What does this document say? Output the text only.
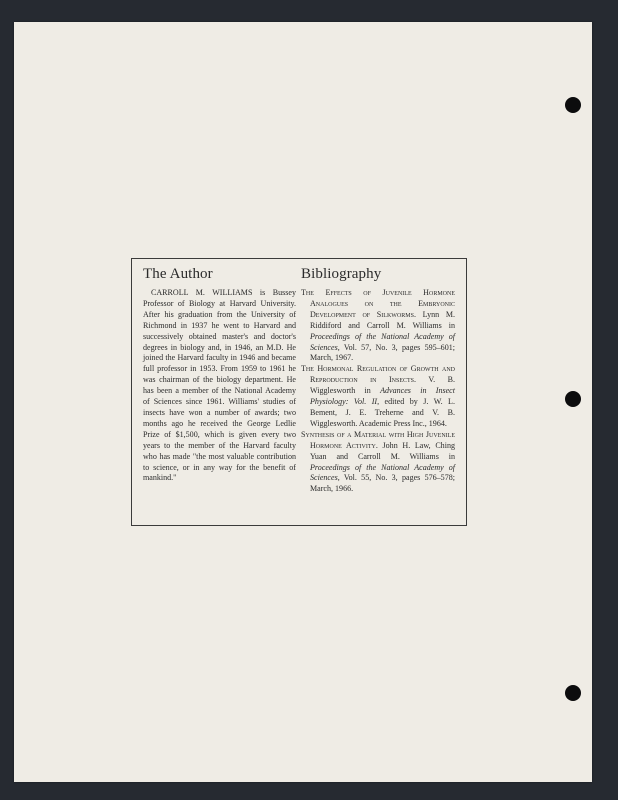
The Author

CARROLL M. WILLIAMS is Bussey Professor of Biology at Harvard University. After his graduation from the University of Richmond in 1937 he went to Harvard and successively obtained master's and doctor's degrees in biology and, in 1946, an M.D. He joined the Harvard faculty in 1946 and became full professor in 1953. From 1959 to 1961 he was chairman of the biology department. He has been a member of the National Academy of Sciences since 1961. Williams' studies of insects have won a number of awards; two months ago he received the George Ledlie Prize of $1,500, which is given every two years to the member of the Harvard faculty who has made "the most valuable contribution to science, or in any way for the benefit of mankind."

Bibliography

The Effects of Juvenile Hormone Analogues on the Embryonic Development of Silkworms. Lynn M. Riddiford and Carroll M. Williams in Proceedings of the National Academy of Sciences, Vol. 57, No. 3, pages 595–601; March, 1967.

The Hormonal Regulation of Growth and Reproduction in Insects. V. B. Wigglesworth in Advances in Insect Physiology: Vol. II, edited by J. W. L. Bement, J. E. Treherne and V. B. Wigglesworth. Academic Press Inc., 1964.

Synthesis of a Material with High Juvenile Hormone Activity. John H. Law, Ching Yuan and Carroll M. Williams in Proceedings of the National Academy of Sciences, Vol. 55, No. 3, pages 576–578; March, 1966.
